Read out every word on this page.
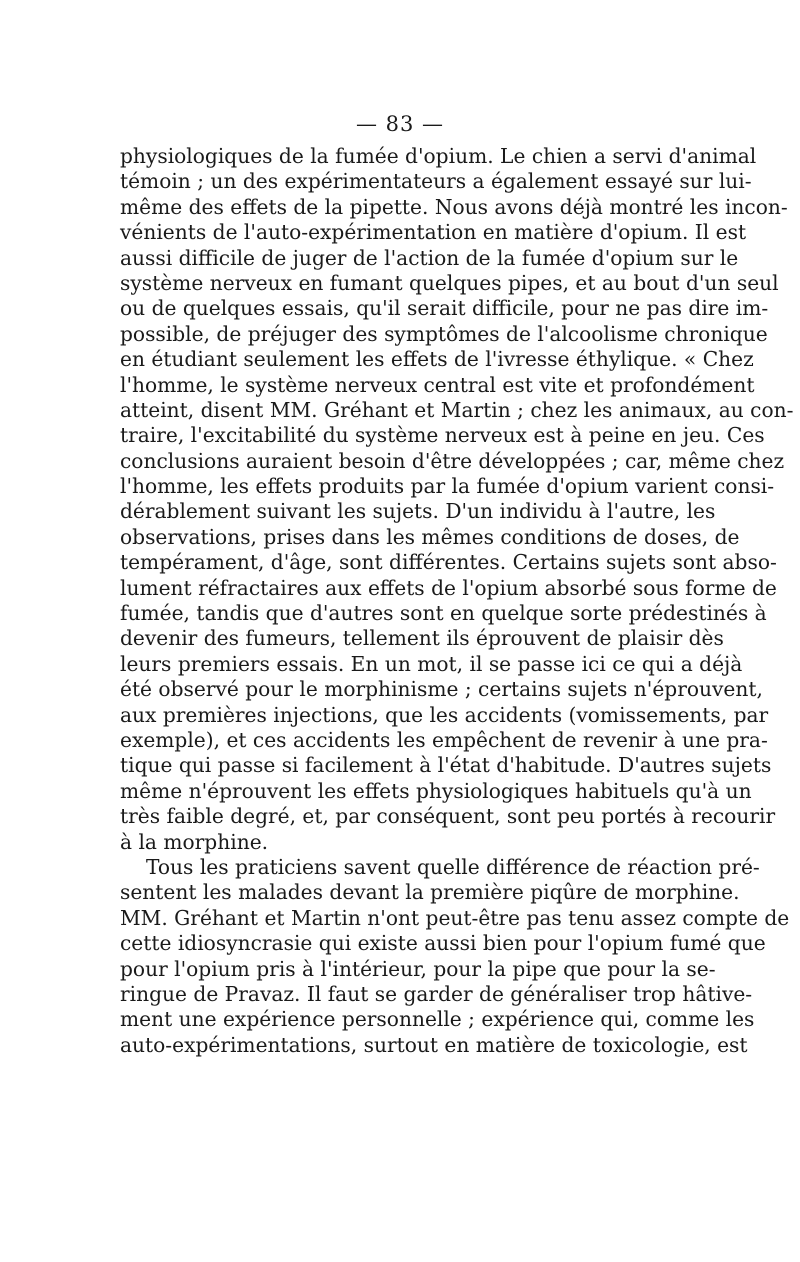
— 83 —
physiologiques de la fumée d'opium. Le chien a servi d'animal
témoin ; un des expérimentateurs a également essayé sur lui-
même des effets de la pipette. Nous avons déjà montré les incon-
vénients de l'auto-expérimentation en matière d'opium. Il est
aussi difficile de juger de l'action de la fumée d'opium sur le
système nerveux en fumant quelques pipes, et au bout d'un seul
ou de quelques essais, qu'il serait difficile, pour ne pas dire im-
possible, de préjuger des symptômes de l'alcoolisme chronique
en étudiant seulement les effets de l'ivresse éthylique. « Chez
l'homme, le système nerveux central est vite et profondément
atteint, disent MM. Gréhant et Martin ; chez les animaux, au con-
traire, l'excitabilité du système nerveux est à peine en jeu. Ces
conclusions auraient besoin d'être développées ; car, même chez
l'homme, les effets produits par la fumée d'opium varient consi-
dérablement suivant les sujets. D'un individu à l'autre, les
observations, prises dans les mêmes conditions de doses, de
tempérament, d'âge, sont différentes. Certains sujets sont abso-
lument réfractaires aux effets de l'opium absorbé sous forme de
fumée, tandis que d'autres sont en quelque sorte prédestinés à
devenir des fumeurs, tellement ils éprouvent de plaisir dès
leurs premiers essais. En un mot, il se passe ici ce qui a déjà
été observé pour le morphinisme ; certains sujets n'éprouvent,
aux premières injections, que les accidents (vomissements, par
exemple), et ces accidents les empêchent de revenir à une pra-
tique qui passe si facilement à l'état d'habitude. D'autres sujets
même n'éprouvent les effets physiologiques habituels qu'à un
très faible degré, et, par conséquent, sont peu portés à recourir
à la morphine.
Tous les praticiens savent quelle différence de réaction pré-
sentent les malades devant la première piqûre de morphine.
MM. Gréhant et Martin n'ont peut-être pas tenu assez compte de
cette idiosyncrasie qui existe aussi bien pour l'opium fumé que
pour l'opium pris à l'intérieur, pour la pipe que pour la se-
ringue de Pravaz. Il faut se garder de généraliser trop hâtive-
ment une expérience personnelle ; expérience qui, comme les
auto-expérimentations, surtout en matière de toxicologie, est
